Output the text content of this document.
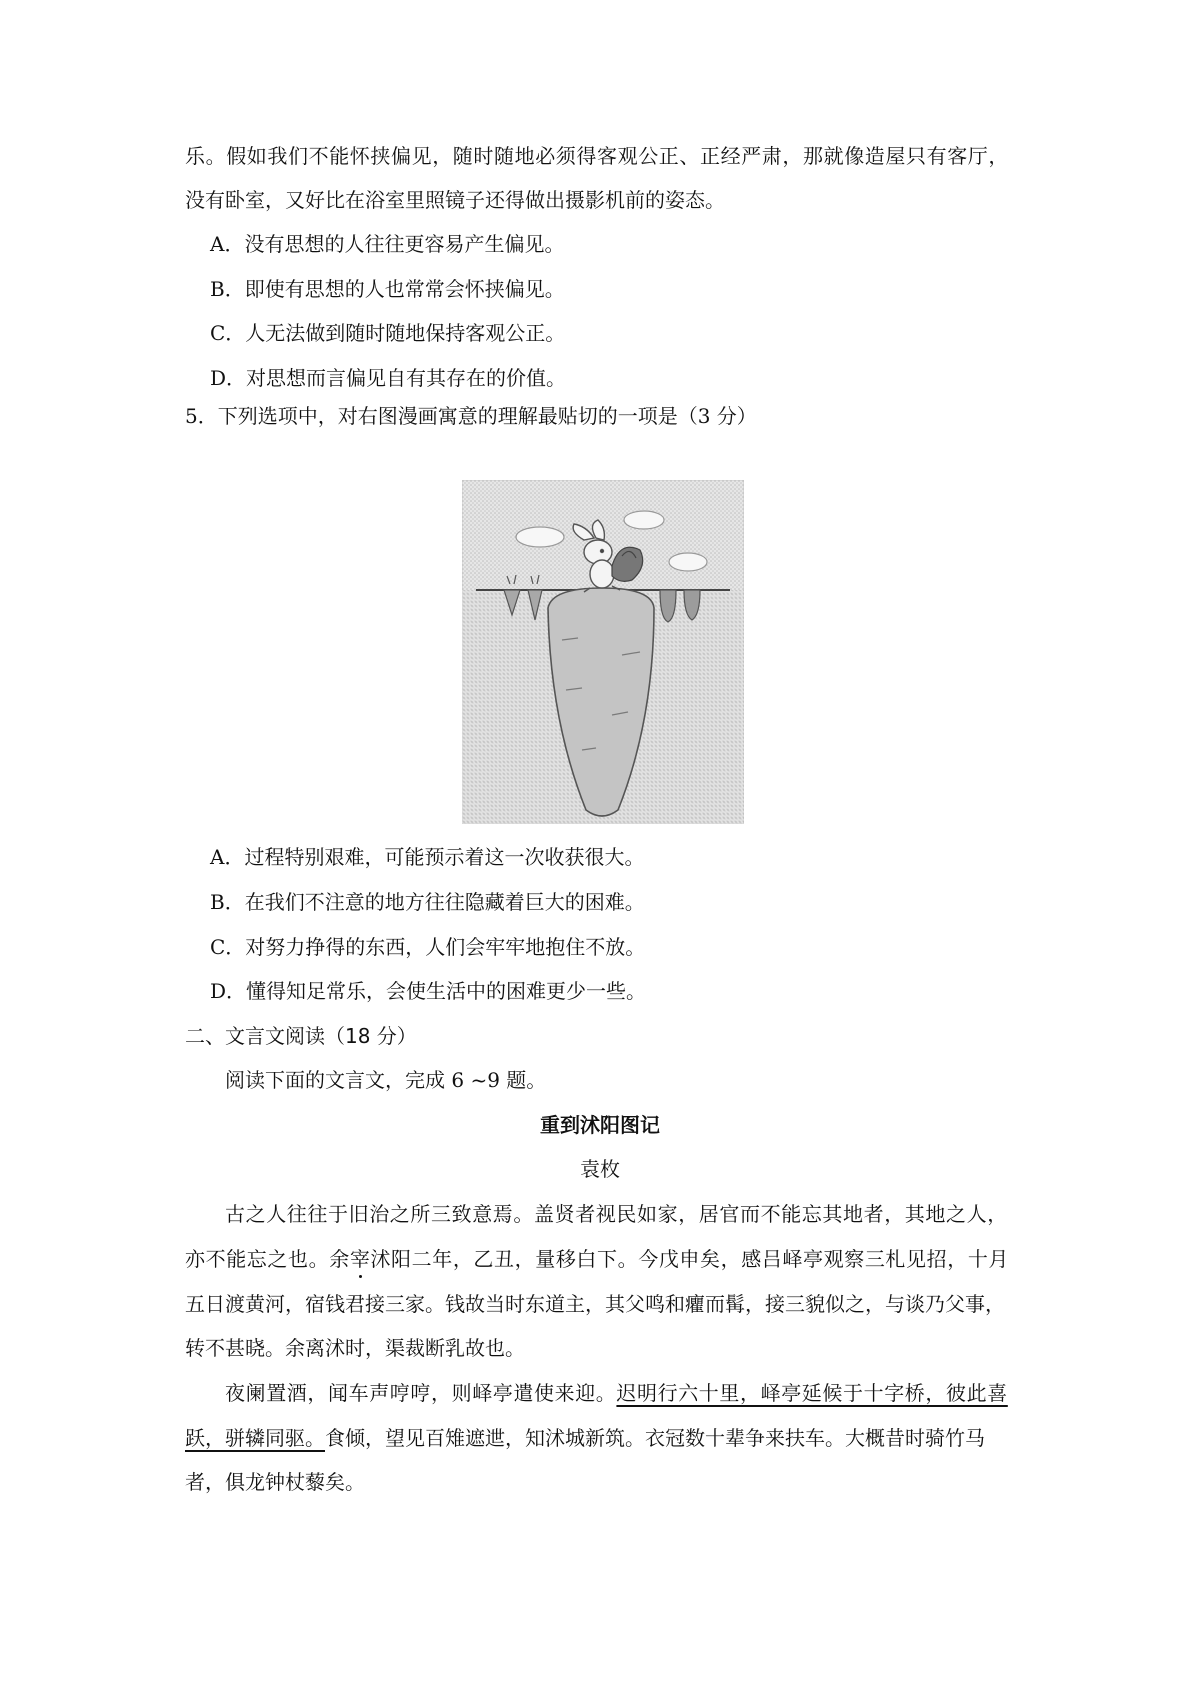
乐。假如我们不能怀挟偏见，随时随地必须得客观公正、正经严肃，那就像造屋只有客厅，
没有卧室，又好比在浴室里照镜子还得做出摄影机前的姿态。
A．没有思想的人往往更容易产生偏见。
B．即使有思想的人也常常会怀挟偏见。
C．人无法做到随时随地保持客观公正。
D．对思想而言偏见自有其存在的价值。
5．下列选项中，对右图漫画寓意的理解最贴切的一项是（3 分）
A．过程特别艰难，可能预示着这一次收获很大。
B．在我们不注意的地方往往隐藏着巨大的困难。
C．对努力挣得的东西，人们会牢牢地抱住不放。
D．懂得知足常乐，会使生活中的困难更少一些。
二、文言文阅读（18 分）
阅读下面的文言文，完成 6 ~9 题。
重到沭阳图记
袁枚
古之人往往于旧治之所三致意焉。盖贤者视民如家，居官而不能忘其地者，其地之人，
亦不能忘之也。余宰沭阳二年，乙丑，量移白下。今戊申矣，感吕峄亭观察三札见招，十月
五日渡黄河，宿钱君接三家。钱故当时东道主，其父鸣和癯而髯，接三貌似之，与谈乃父事，
转不甚晓。余离沭时，渠裁断乳故也。
夜阑置酒，闻车声哼哼，则峄亭遣使来迎。迟明行六十里，峄亭延候于十字桥，彼此喜
跃，骈辚同驱。食倾，望见百雉遮迣，知沭城新筑。衣冠数十辈争来扶车。大概昔时骑竹马
者，俱龙钟杖藜矣。
